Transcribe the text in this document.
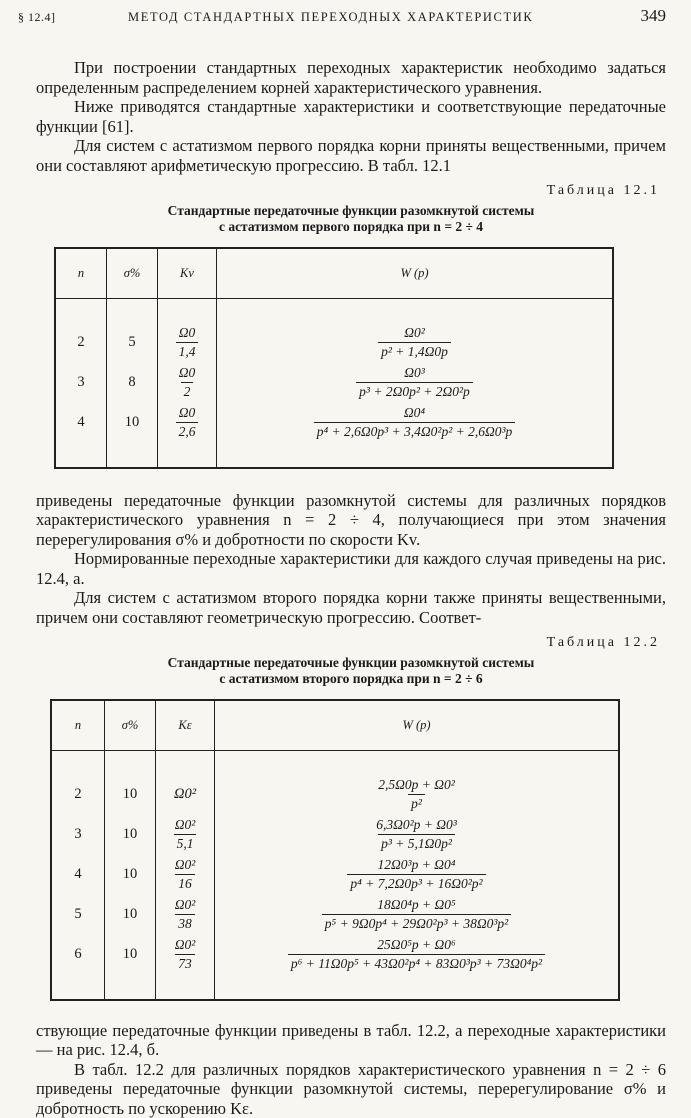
§ 12.4]	МЕТОД СТАНДАРТНЫХ ПЕРЕХОДНЫХ ХАРАКТЕРИСТИК	349

При построении стандартных переходных характеристик необходимо задаться определенным распределением корней характеристического уравнения.

Ниже приводятся стандартные характеристики и соответствующие передаточные функции [61].

Для систем с астатизмом первого порядка корни приняты вещественными, причем они составляют арифметическую прогрессию. В табл. 12.1

Таблица 12.1
Стандартные передаточные функции разомкнутой системы
с астатизмом первого порядка при n = 2 ÷ 4
n	σ%	Kv	W (p)

2	5	$\frac{\Omega 0}{1,4}$	$\frac{\text{Ω0²}}{\text{p² + 1,4Ω0p}}$

3	8	$\frac{\Omega 0}{2}$	$\frac{\text{Ω0³}}{\text{p³ + 2Ω0p² + 2Ω0²p}}$

4	10	$\frac{\Omega 0}{2,6}$	$\frac{\text{Ω0⁴}}{\text{p⁴ + 2,6Ω0p³ + 3,4Ω0²p² + 2,6Ω0³p}}$

приведены передаточные функции разомкнутой системы для различных порядков характеристического уравнения n = 2 ÷ 4, получающиеся при этом значения перерегулирования σ% и добротности по скорости Kv.

Нормированные переходные характеристики для каждого случая приведены на рис. 12.4, а.

Для систем с астатизмом второго порядка корни также приняты вещественными, причем они составляют геометрическую прогрессию. Соответ-

Таблица 12.2
Стандартные передаточные функции разомкнутой системы
с астатизмом второго порядка при n = 2 ÷ 6
n	σ%	Kε	W (p)

2	10	Ω0²	$\frac{\text{2,5Ω0p + Ω0²}}{\text{p²}}$

3	10	$\frac{\text{Ω0²}}{5,1}$	$\frac{\text{6,3Ω0²p + Ω0³}}{\text{p³ + 5,1Ω0p²}}$

4	10	$\frac{\text{Ω0²}}{16}$	$\frac{\text{12Ω0³p + Ω0⁴}}{\text{p⁴ + 7,2Ω0p³ + 16Ω0²p²}}$

5	10	$\frac{\text{Ω0²}}{38}$	$\frac{\text{18Ω0⁴p + Ω0⁵}}{\text{p⁵ + 9Ω0p⁴ + 29Ω0²p³ + 38Ω0³p²}}$

6	10	$\frac{\text{Ω0²}}{73}$	$\frac{\text{25Ω0⁵p + Ω0⁶}}{\text{p⁶ + 11Ω0p⁵ + 43Ω0²p⁴ + 83Ω0³p³ + 73Ω0⁴p²}}$

ствующие передаточные функции приведены в табл. 12.2, а переходные характеристики — на рис. 12.4, б.

В табл. 12.2 для различных порядков характеристического уравнения n = 2 ÷ 6 приведены передаточные функции разомкнутой системы, перерегулирование σ% и добротность по ускорению Kε.
